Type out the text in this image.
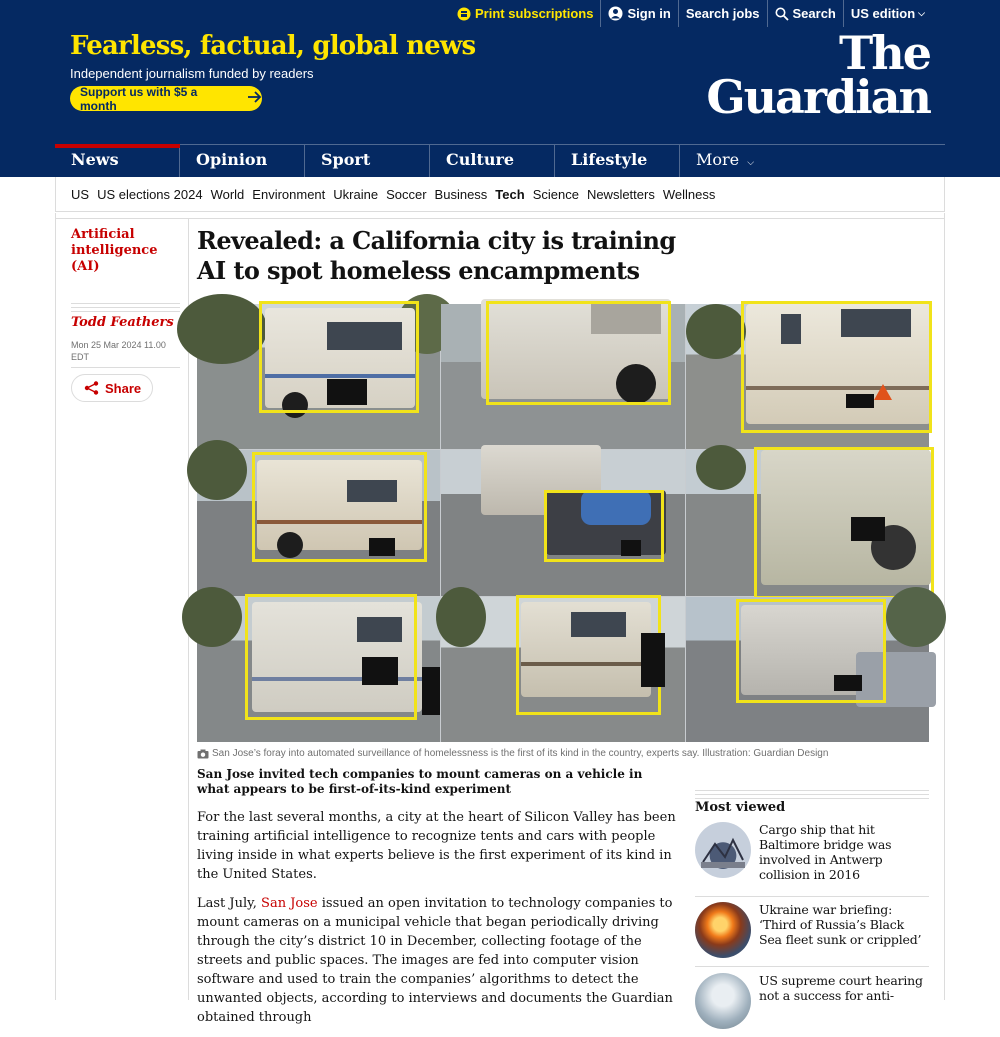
Print subscriptions	Sign in Search jobs	Search US edition ⌵
Fearless, factual, global news
Independent journalism funded by readers
Support us with $5 a month
The
Guardian
News	Opinion	Sport	Culture	Lifestyle	More ⌵
US US elections 2024 World Environment Ukraine Soccer Business Tech Science Newsletters Wellness
Artificial intelligence (AI)
Todd Feathers
Mon 25 Mar 2024 11.00 EDT
Share
Revealed: a California city is training AI to spot homeless encampments
San Jose’s foray into automated surveillance of homelessness is the first of its kind in the country, experts say. Illustration: Guardian Design
San Jose invited tech companies to mount cameras on a vehicle in what appears to be first-of-its-kind experiment

For the last several months, a city at the heart of Silicon Valley has been training artificial intelligence to recognize tents and cars with people living inside in what experts believe is the first experiment of its kind in the United States.

Last July, San Jose issued an open invitation to technology companies to mount cameras on a municipal vehicle that began periodically driving through the city’s district 10 in December, collecting footage of the streets and public spaces. The images are fed into computer vision software and used to train the companies’ algorithms to detect the unwanted objects, according to interviews and documents the Guardian obtained through

Most viewed
Cargo ship that hit Baltimore bridge was involved in Antwerp collision in 2016
Ukraine war briefing: ‘Third of Russia’s Black Sea fleet sunk or crippled’
US supreme court hearing not a success for anti-
